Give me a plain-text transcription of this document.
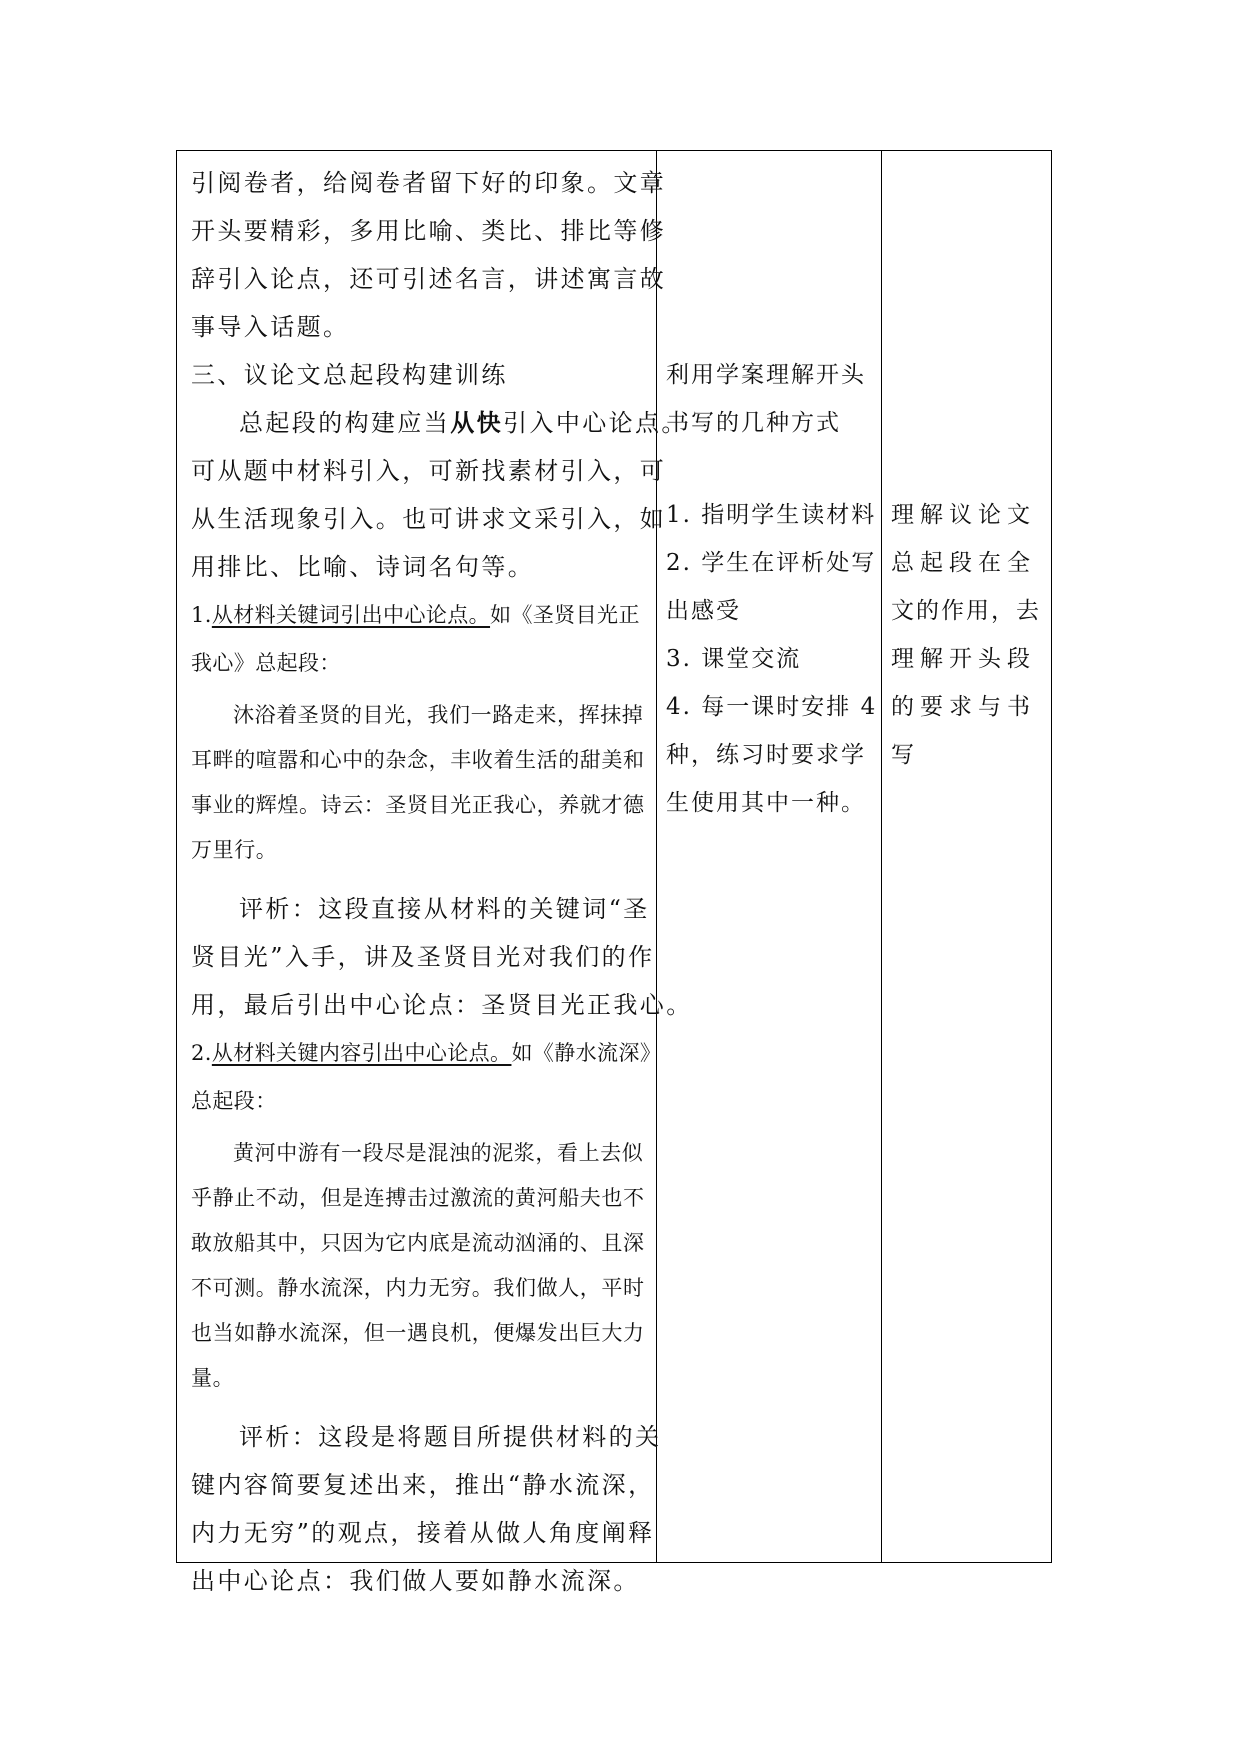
引阅卷者，给阅卷者留下好的印象。文章
开头要精彩，多用比喻、类比、排比等修
辞引入论点，还可引述名言，讲述寓言故
事导入话题。
三、议论文总起段构建训练
总起段的构建应当从快引入中心论点。
可从题中材料引入，可新找素材引入，可
从生活现象引入。也可讲求文采引入，如
用排比、比喻、诗词名句等。
1.从材料关键词引出中心论点。如《圣贤目光正
我心》总起段：
沐浴着圣贤的目光，我们一路走来，挥抹掉
耳畔的喧嚣和心中的杂念，丰收着生活的甜美和
事业的辉煌。诗云：圣贤目光正我心，养就才德
万里行。
评析：这段直接从材料的关键词“圣
贤目光”入手，讲及圣贤目光对我们的作
用，最后引出中心论点：圣贤目光正我心。
2.从材料关键内容引出中心论点。如《静水流深》
总起段：
黄河中游有一段尽是混浊的泥浆，看上去似
乎静止不动，但是连搏击过激流的黄河船夫也不
敢放船其中，只因为它内底是流动汹涌的、且深
不可测。静水流深，内力无穷。我们做人，平时
也当如静水流深，但一遇良机，便爆发出巨大力
量。
评析：这段是将题目所提供材料的关
键内容简要复述出来，推出“静水流深，
内力无穷”的观点，接着从做人角度阐释
出中心论点：我们做人要如静水流深。
利用学案理解开头
书写的几种方式
1. 指明学生读材料
2. 学生在评析处写
出感受
3. 课堂交流
4. 每一课时安排 4
种，练习时要求学
生使用其中一种。
理解议论文
总起段在全
文的作用，去
理解开头段
的要求与书
写
